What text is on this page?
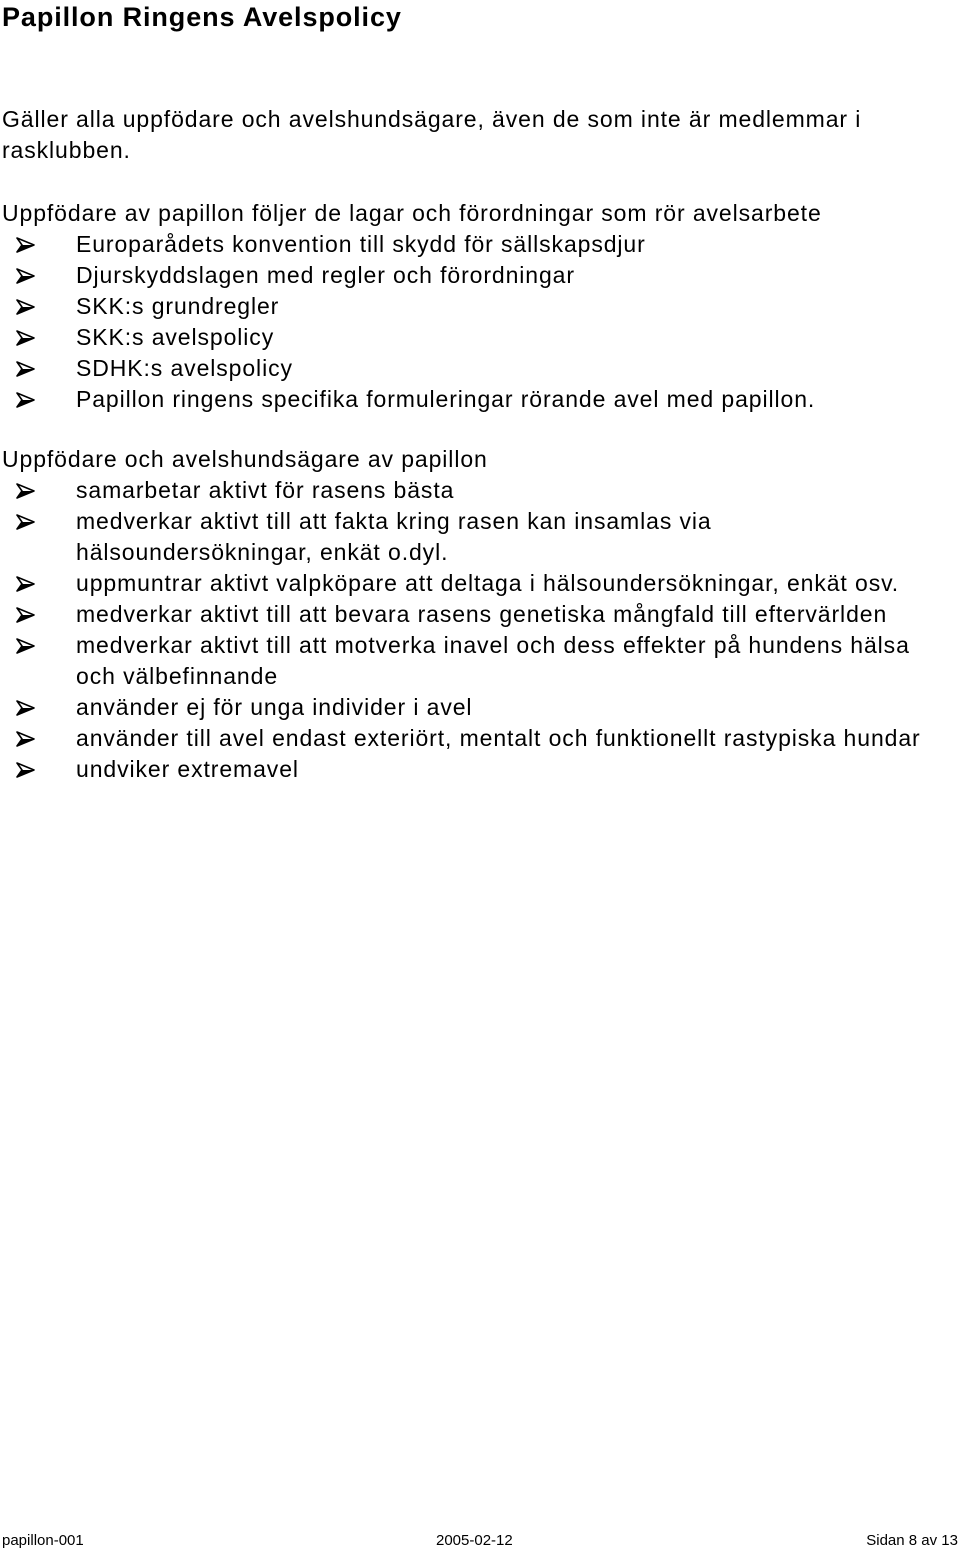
Papillon Ringens Avelspolicy

Gäller alla uppfödare och avelshundsägare, även de som inte är medlemmar i rasklubben.

Uppfödare av papillon följer de lagar och förordningar som rör avelsarbete

Europarådets konvention till skydd för sällskapsdjur
Djurskyddslagen med regler och förordningar
SKK:s grundregler
SKK:s avelspolicy
SDHK:s avelspolicy
Papillon ringens specifika formuleringar rörande avel med papillon.

Uppfödare och avelshundsägare av papillon

samarbetar aktivt för rasens bästa
medverkar aktivt till att fakta kring rasen kan insamlas via hälsoundersökningar, enkät o.dyl.
uppmuntrar aktivt valpköpare att deltaga i hälsoundersökningar, enkät osv.
medverkar aktivt till att bevara rasens genetiska mångfald till eftervärlden
medverkar aktivt till att motverka inavel och dess effekter på hundens hälsa och välbefinnande
använder ej för unga individer i avel
använder till avel endast exteriört, mentalt och funktionellt rastypiska hundar
undviker extremavel
papillon-001	2005-02-12	Sidan 8 av 13
